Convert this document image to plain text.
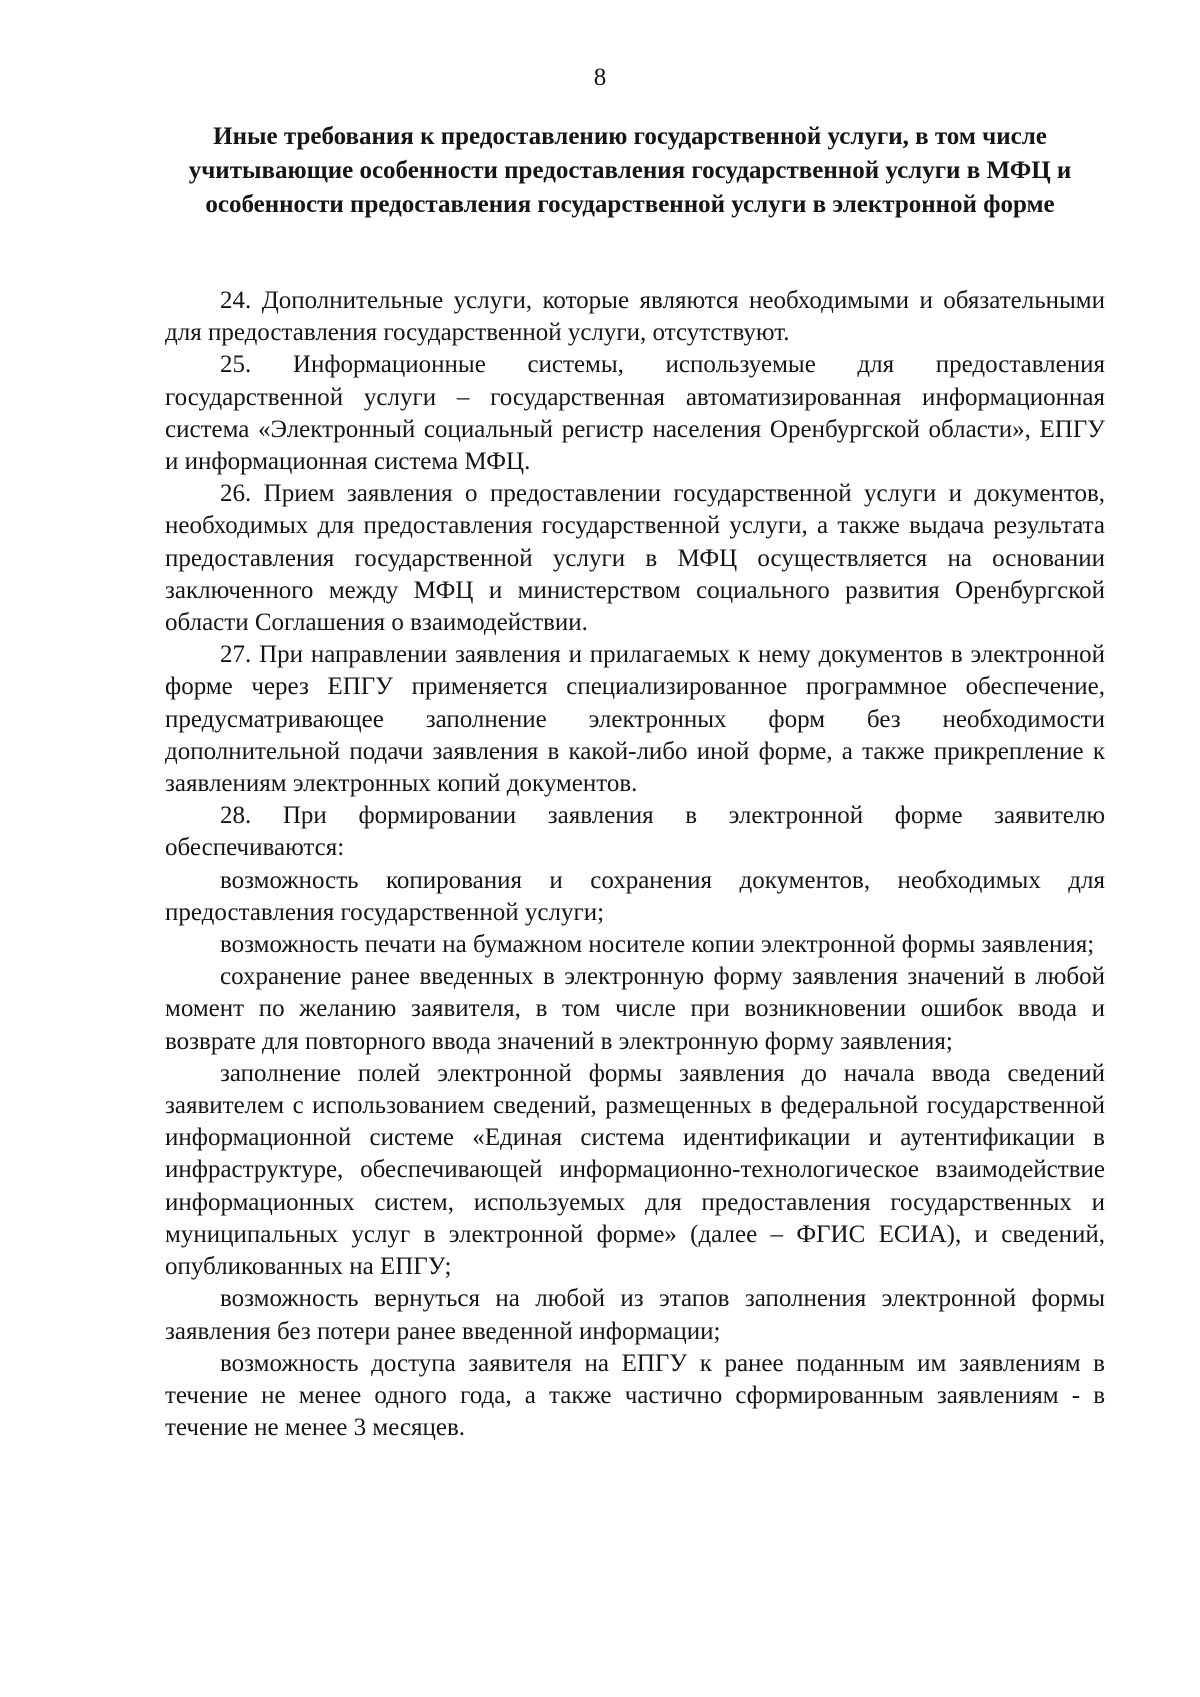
8
Иные требования к предоставлению государственной услуги, в том числе учитывающие особенности предоставления государственной услуги в МФЦ и особенности предоставления государственной услуги в электронной форме

24. Дополнительные услуги, которые являются необходимыми и обязательными для предоставления государственной услуги, отсутствуют.

25. Информационные системы, используемые для предоставления государственной услуги – государственная автоматизированная информационная система «Электронный социальный регистр населения Оренбургской области», ЕПГУ и информационная система МФЦ.

26. Прием заявления о предоставлении государственной услуги и документов, необходимых для предоставления государственной услуги, а также выдача результата предоставления государственной услуги в МФЦ осуществляется на основании заключенного между МФЦ и министерством социального развития Оренбургской области Соглашения о взаимодействии.

27. При направлении заявления и прилагаемых к нему документов в электронной форме через ЕПГУ применяется специализированное программное обеспечение, предусматривающее заполнение электронных форм без необходимости дополнительной подачи заявления в какой-либо иной форме, а также прикрепление к заявлениям электронных копий документов.

28. При формировании заявления в электронной форме заявителю обеспечиваются:

возможность копирования и сохранения документов, необходимых для предоставления государственной услуги;

возможность печати на бумажном носителе копии электронной формы заявления;

сохранение ранее введенных в электронную форму заявления значений в любой момент по желанию заявителя, в том числе при возникновении ошибок ввода и возврате для повторного ввода значений в электронную форму заявления;

заполнение полей электронной формы заявления до начала ввода сведений заявителем с использованием сведений, размещенных в федеральной государственной информационной системе «Единая система идентификации и аутентификации в инфраструктуре, обеспечивающей информационно-технологическое взаимодействие информационных систем, используемых для предоставления государственных и муниципальных услуг в электронной форме» (далее – ФГИС ЕСИА), и сведений, опубликованных на ЕПГУ;

возможность вернуться на любой из этапов заполнения электронной формы заявления без потери ранее введенной информации;

возможность доступа заявителя на ЕПГУ к ранее поданным им заявлениям в течение не менее одного года, а также частично сформированным заявлениям - в течение не менее 3 месяцев.
